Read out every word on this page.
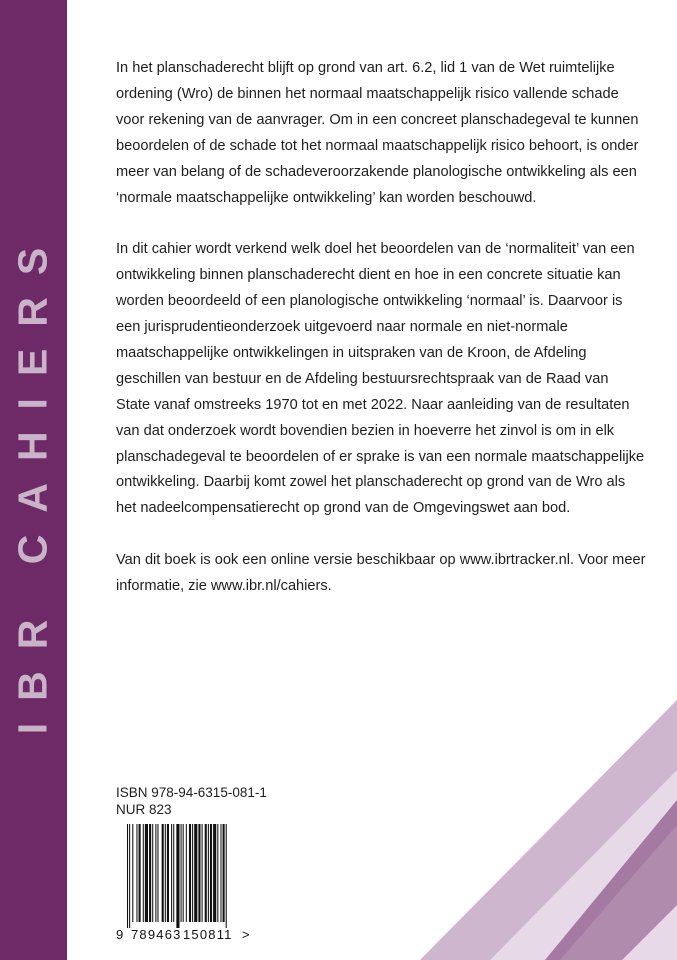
IBR CAHIERS

In het planschaderecht blijft op grond van art. 6.2, lid 1 van de Wet ruimtelijke ordening (Wro) de binnen het normaal maatschappelijk risico vallende schade voor rekening van de aanvrager. Om in een concreet planschadegeval te kunnen beoordelen of de schade tot het normaal maatschappelijk risico behoort, is onder meer van belang of de schadeveroorzakende planologische ontwikkeling als een ‘normale maatschappelijke ontwikkeling’ kan worden beschouwd.

In dit cahier wordt verkend welk doel het beoordelen van de ‘normaliteit’ van een ontwikkeling binnen planschaderecht dient en hoe in een concrete situatie kan worden beoordeeld of een planologische ontwikkeling ‘normaal’ is. Daarvoor is een jurisprudentieonderzoek uitgevoerd naar normale en niet-normale maatschappelijke ontwikkelingen in uitspraken van de Kroon, de Afdeling geschillen van bestuur en de Afdeling bestuursrechtspraak van de Raad van State vanaf omstreeks 1970 tot en met 2022. Naar aanleiding van de resultaten van dat onderzoek wordt bovendien bezien in hoeverre het zinvol is om in elk planschadegeval te beoordelen of er sprake is van een normale maatschappelijke ontwikkeling. Daarbij komt zowel het planschaderecht op grond van de Wro als het nadeelcompensatierecht op grond van de Omgevingswet aan bod.

Van dit boek is ook een online versie beschikbaar op www.ibrtracker.nl. Voor meer informatie, zie www.ibr.nl/cahiers.

ISBN 978-94-6315-081-1
NUR 823
9 789463 150811 >
